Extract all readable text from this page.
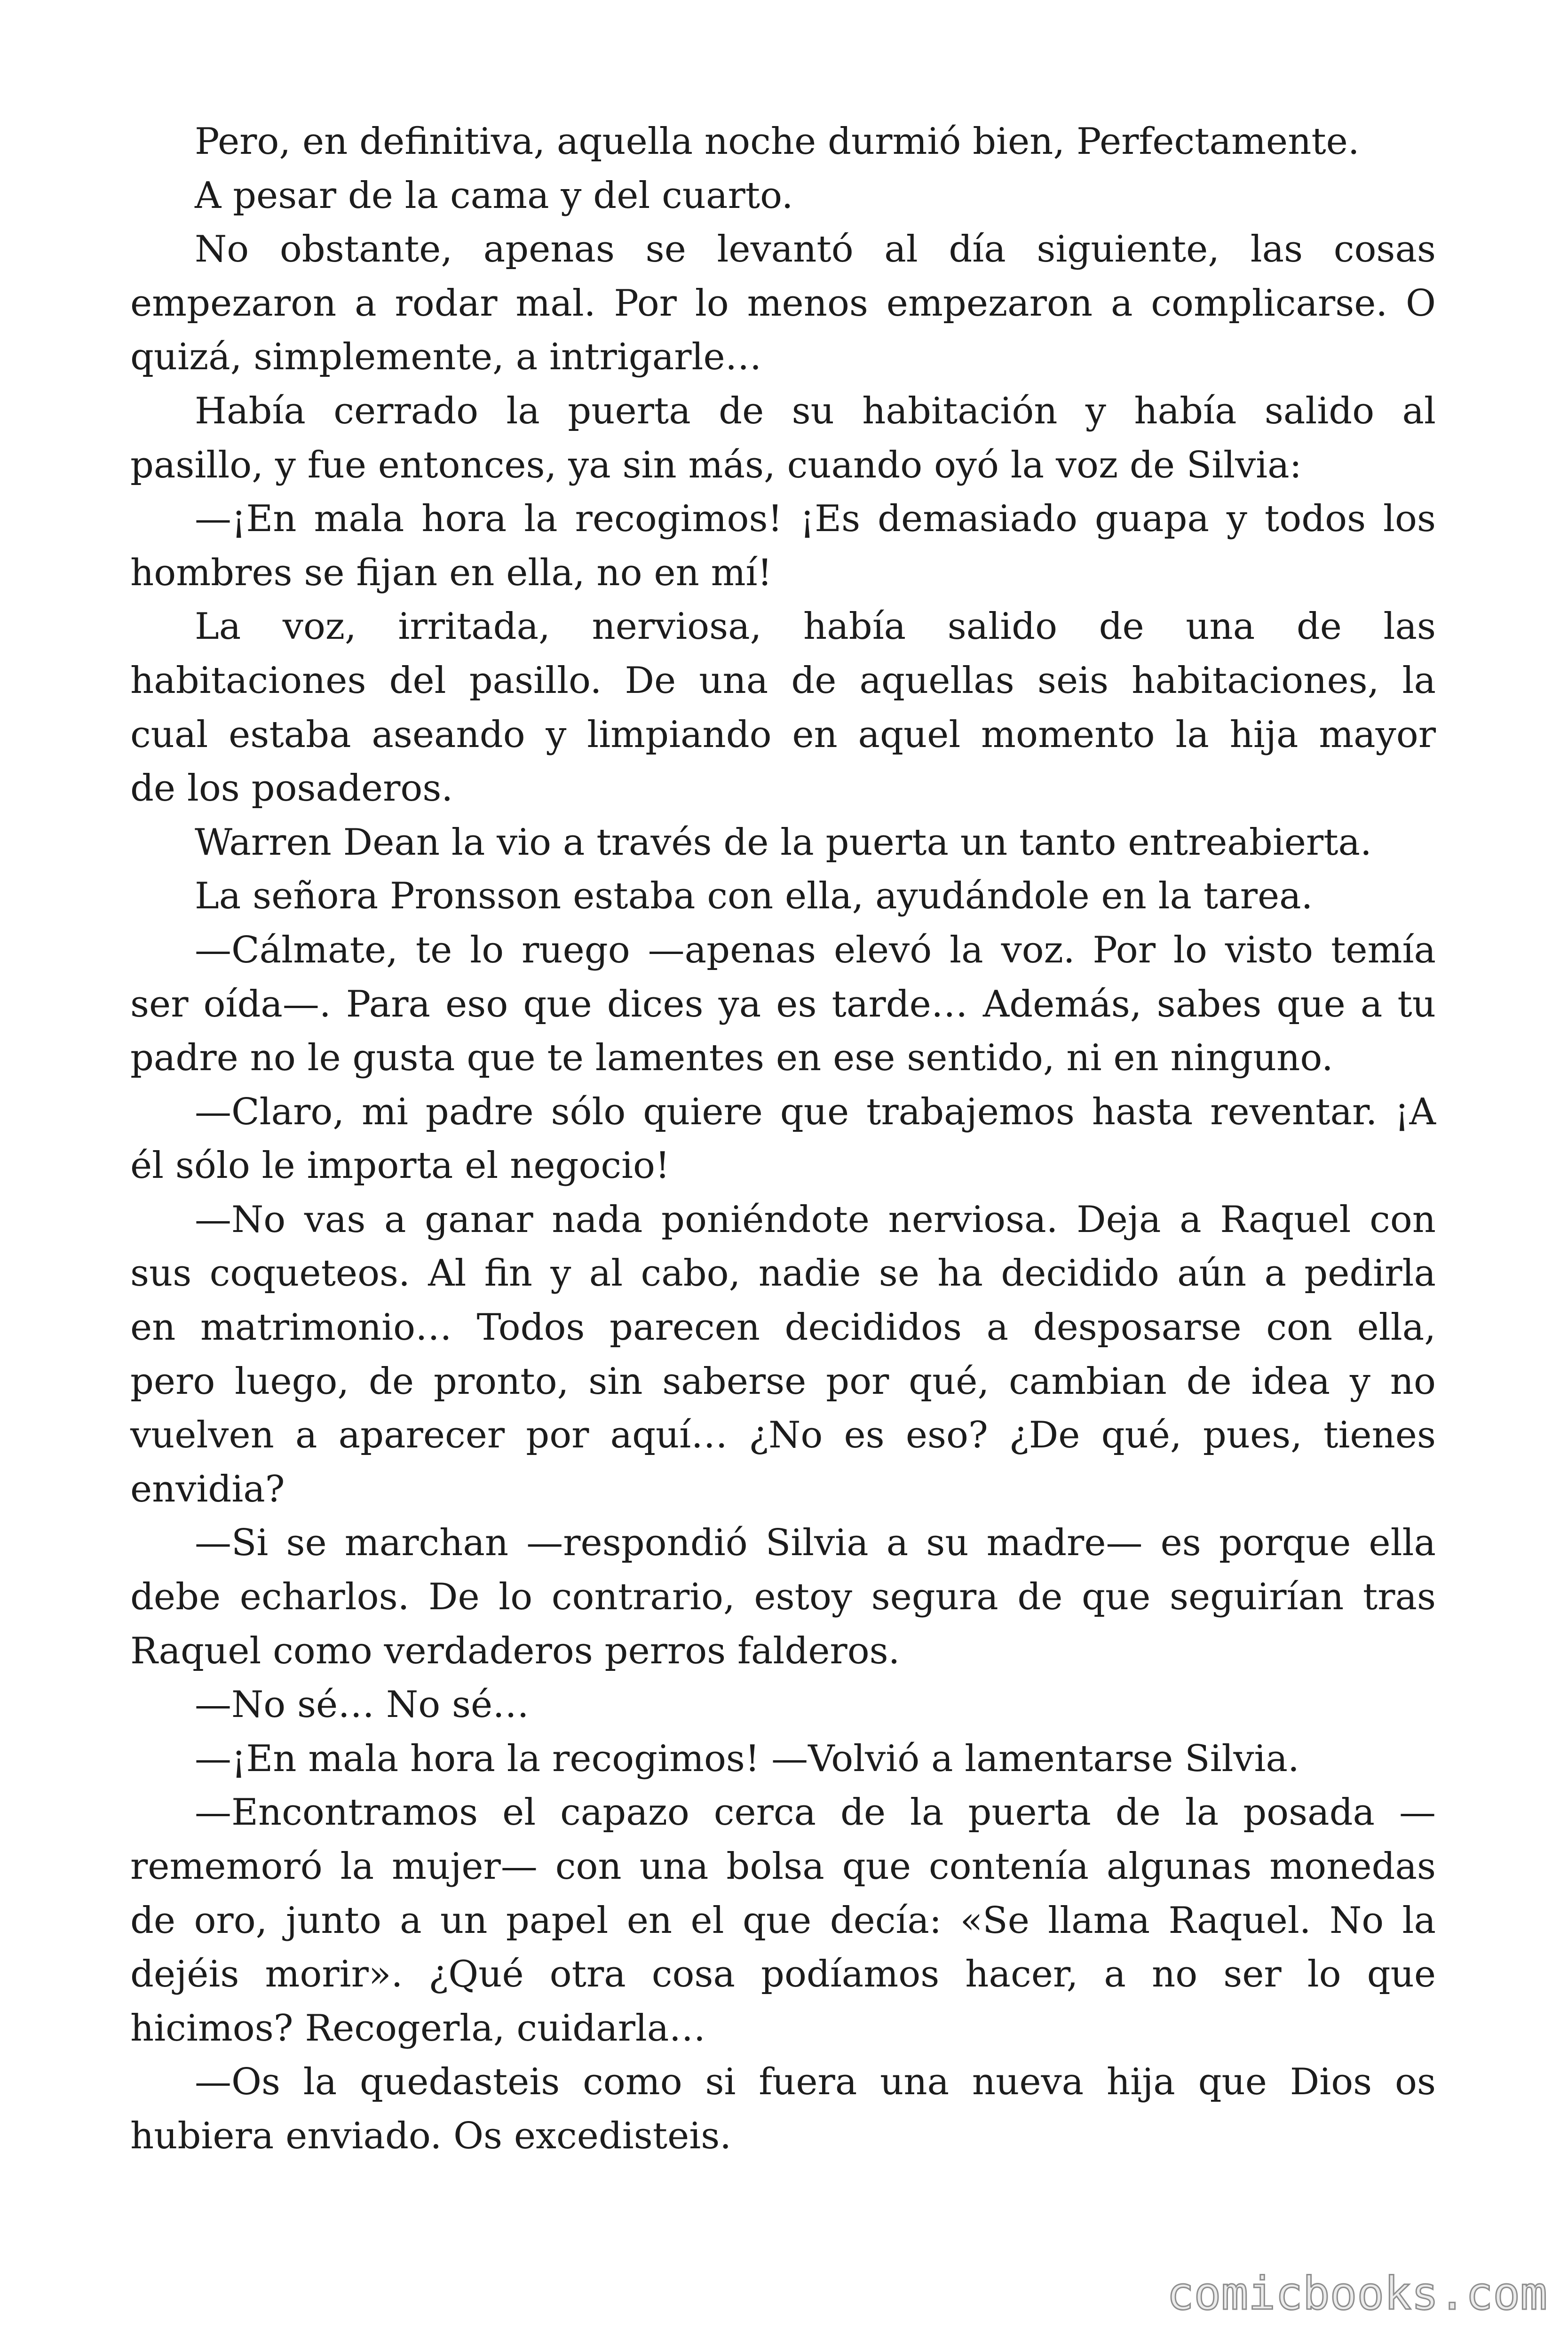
Pero, en definitiva, aquella noche durmió bien, Perfectamente.
A pesar de la cama y del cuarto.
No obstante, apenas se levantó al día siguiente, las cosas
empezaron a rodar mal. Por lo menos empezaron a complicarse. O
quizá, simplemente, a intrigarle…
Había cerrado la puerta de su habitación y había salido al
pasillo, y fue entonces, ya sin más, cuando oyó la voz de Silvia:
—¡En mala hora la recogimos! ¡Es demasiado guapa y todos los
hombres se fijan en ella, no en mí!
La voz, irritada, nerviosa, había salido de una de las
habitaciones del pasillo. De una de aquellas seis habitaciones, la
cual estaba aseando y limpiando en aquel momento la hija mayor
de los posaderos.
Warren Dean la vio a través de la puerta un tanto entreabierta.
La señora Pronsson estaba con ella, ayudándole en la tarea.
—Cálmate, te lo ruego —apenas elevó la voz. Por lo visto temía
ser oída—. Para eso que dices ya es tarde… Además, sabes que a tu
padre no le gusta que te lamentes en ese sentido, ni en ninguno.
—Claro, mi padre sólo quiere que trabajemos hasta reventar. ¡A
él sólo le importa el negocio!
—No vas a ganar nada poniéndote nerviosa. Deja a Raquel con
sus coqueteos. Al fin y al cabo, nadie se ha decidido aún a pedirla
en matrimonio… Todos parecen decididos a desposarse con ella,
pero luego, de pronto, sin saberse por qué, cambian de idea y no
vuelven a aparecer por aquí… ¿No es eso? ¿De qué, pues, tienes
envidia?
—Si se marchan —respondió Silvia a su madre— es porque ella
debe echarlos. De lo contrario, estoy segura de que seguirían tras
Raquel como verdaderos perros falderos.
—No sé… No sé…
—¡En mala hora la recogimos! —Volvió a lamentarse Silvia.
—Encontramos el capazo cerca de la puerta de la posada —
rememoró la mujer— con una bolsa que contenía algunas monedas
de oro, junto a un papel en el que decía: «Se llama Raquel. No la
dejéis morir». ¿Qué otra cosa podíamos hacer, a no ser lo que
hicimos? Recogerla, cuidarla…
—Os la quedasteis como si fuera una nueva hija que Dios os
hubiera enviado. Os excedisteis.
comicbooks.com
